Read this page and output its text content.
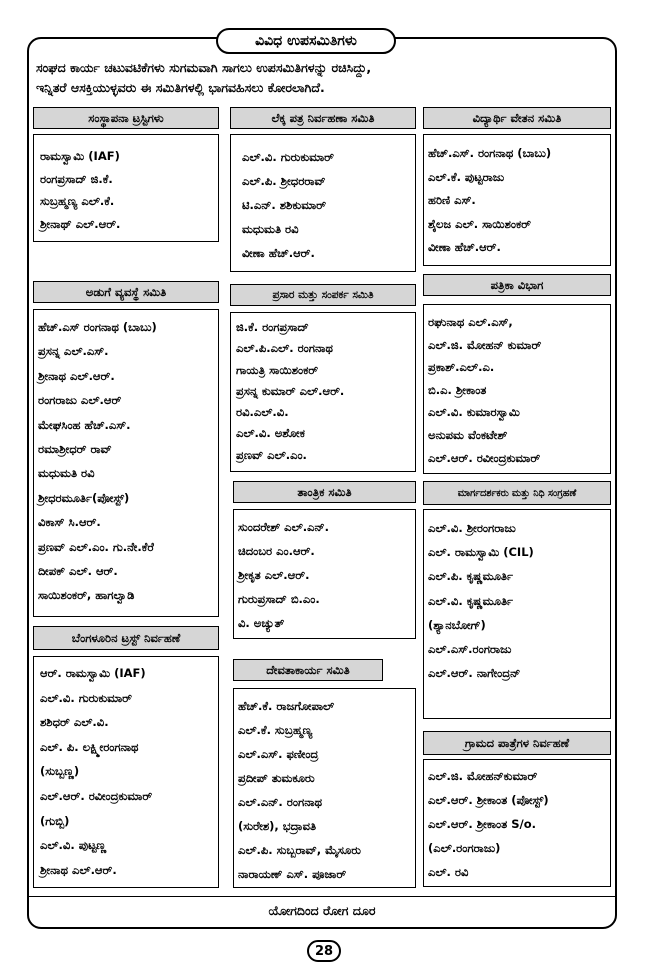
ವಿವಿಧ ಉಪಸಮಿತಿಗಳು
ಸಂಘದ ಕಾರ್ಯ ಚಟುವಟಿಕೆಗಳು ಸುಗಮವಾಗಿ ಸಾಗಲು ಉಪಸಮಿತಿಗಳನ್ನು ರಚಿಸಿದ್ದು,
ಇನ್ನಿತರೆ ಆಸಕ್ತಿಯುಳ್ಳವರು ಈ ಸಮಿತಿಗಳಲ್ಲಿ ಭಾಗವಹಿಸಲು ಕೋರಲಾಗಿದೆ.
ಸಂಸ್ಥಾಪನಾ ಟ್ರಸ್ಟಿಗಳು
ರಾಮಸ್ವಾಮಿ (IAF)
ರಂಗಪ್ರಸಾದ್ ಜಿ.ಕೆ.
ಸುಬ್ರಹ್ಮಣ್ಯ ಎಲ್.ಕೆ.
ಶ್ರೀನಾಥ್ ಎಲ್.ಆರ್.
ಲೆಕ್ಕ ಪತ್ರ ನಿರ್ವಹಣಾ ಸಮಿತಿ
ಎಲ್.ವಿ. ಗುರುಕುಮಾರ್
ಎಲ್.ಪಿ. ಶ್ರೀಧರರಾವ್
ಟಿ.ಎನ್. ಶಶಿಕುಮಾರ್
ಮಧುಮತಿ ರವಿ
ವೀಣಾ ಹೆಚ್.ಆರ್.
ವಿದ್ಯಾರ್ಥಿ ವೇತನ ಸಮಿತಿ
ಹೆಚ್.ಎಸ್. ರಂಗನಾಥ (ಬಾಬು)
ಎಲ್.ಕೆ. ಪುಟ್ಟರಾಜು
ಹರಿಣಿ ಎಸ್.
ಶೈಲಜ ಎಲ್. ಸಾಯಿಶಂಕರ್
ವೀಣಾ ಹೆಚ್.ಆರ್.
ಅಡುಗೆ ವ್ಯವಸ್ಥೆ ಸಮಿತಿ
ಹೆಚ್.ಎಸ್ ರಂಗನಾಥ (ಬಾಬು)
ಪ್ರಸನ್ನ ಎಲ್.ಎಸ್.
ಶ್ರೀನಾಥ ಎಲ್.ಆರ್.
ರಂಗರಾಜು ಎಲ್.ಆರ್
ಮೇಘಸಿಂಹ ಹೆಚ್.ಎಸ್.
ರಮಾಶ್ರೀಧರ್ ರಾವ್
ಮಧುಮತಿ ರವಿ
ಶ್ರೀಧರಮೂರ್ತಿ(ಪೋಸ್ಟ್)
ವಿಕಾಸ್ ಸಿ.ಆರ್.
ಪ್ರಣವ್ ಎಲ್.ಎಂ. ಗು.ನೇ.ಕೆರೆ
ದೀಪಕ್ ಎಲ್. ಆರ್.
ಸಾಯಿಶಂಕರ್, ಹಾಗಲ್ವಾಡಿ
ಪ್ರಸಾರ ಮತ್ತು ಸಂಪರ್ಕ ಸಮಿತಿ
ಜಿ.ಕೆ. ರಂಗಪ್ರಸಾದ್
ಎಲ್.ಪಿ.ಎಲ್. ರಂಗನಾಥ
ಗಾಯತ್ರಿ ಸಾಯಿಶಂಕರ್
ಪ್ರಸನ್ನ ಕುಮಾರ್ ಎಲ್.ಆರ್.
ರವಿ.ಎಲ್.ವಿ.
ಎಲ್.ವಿ. ಅಶೋಕ
ಪ್ರಣವ್ ಎಲ್.ಎಂ.
ಪತ್ರಿಕಾ ವಿಭಾಗ
ರಘುನಾಥ ಎಲ್.ಎಸ್,
ಎಲ್.ಜಿ. ಮೋಹನ್ ಕುಮಾರ್
ಪ್ರಕಾಶ್.ಎಲ್.ಎ.
ಬಿ.ಎ. ಶ್ರೀಕಾಂತ
ಎಲ್.ವಿ. ಕುಮಾರಸ್ವಾಮಿ
ಅನುಪಮ ವೆಂಕಟೇಶ್
ಎಲ್.ಆರ್. ರವೀಂದ್ರಕುಮಾರ್
ತಾಂತ್ರಿಕ ಸಮಿತಿ
ಸುಂದರೇಶ್ ಎಲ್.ಎನ್.
ಚಿದಂಬರ ಎಂ.ಆರ್.
ಶ್ರೀಕೃತ ಎಲ್.ಆರ್.
ಗುರುಪ್ರಸಾದ್ ಬಿ.ಎಂ.
ವಿ. ಅಚ್ಯುತ್
ಮಾರ್ಗದರ್ಶಕರು ಮತ್ತು ನಿಧಿ ಸಂಗ್ರಹಣೆ
ಎಲ್.ವಿ. ಶ್ರೀರಂಗರಾಜು
ಎಲ್. ರಾಮಸ್ವಾಮಿ (CIL)
ಎಲ್.ಪಿ. ಕೃಷ್ಣಮೂರ್ತಿ
ಎಲ್.ವಿ. ಕೃಷ್ಣಮೂರ್ತಿ
(ಶ್ಯಾನಬೋಗ್)
ಎಲ್.ಎಸ್.ರಂಗರಾಜು
ಎಲ್.ಆರ್. ನಾಗೇಂದ್ರನ್
ಬೆಂಗಳೂರಿನ ಟ್ರಸ್ಟ್ ನಿರ್ವಹಣೆ
ಆರ್. ರಾಮಸ್ವಾಮಿ (IAF)
ಎಲ್.ವಿ. ಗುರುಕುಮಾರ್
ಶಶಿಧರ್ ಎಲ್.ವಿ.
ಎಲ್. ಪಿ. ಲಕ್ಷ್ಮೀರಂಗನಾಥ
(ಸುಬ್ಬಣ್ಣ)
ಎಲ್.ಆರ್. ರವೀಂದ್ರಕುಮಾರ್
(ಗುಬ್ಬಿ)
ಎಲ್.ವಿ. ಪುಟ್ಟಣ್ಣ
ಶ್ರೀನಾಥ ಎಲ್.ಆರ್.
ದೇವತಾಕಾರ್ಯ ಸಮಿತಿ
ಹೆಚ್.ಕೆ. ರಾಜಗೋಪಾಲ್
ಎಲ್.ಕೆ. ಸುಬ್ರಹ್ಮಣ್ಯ
ಎಲ್.ಎಸ್. ಫಣೀಂದ್ರ
ಪ್ರದೀಪ್ ತುಮಕೂರು
ಎಲ್.ಎನ್. ರಂಗನಾಥ
(ಸುರೇಶ), ಭದ್ರಾವತಿ
ಎಲ್.ಪಿ. ಸುಬ್ಬರಾವ್, ಮೈಸೂರು
ನಾರಾಯಣ್ ಎಸ್. ಪೂಜಾರ್
ಗ್ರಾಮದ ಪಾತ್ರೆಗಳ ನಿರ್ವಹಣೆ
ಎಲ್.ಜಿ. ಮೋಹನ್‌ಕುಮಾರ್
ಎಲ್.ಆರ್. ಶ್ರೀಕಾಂತ (ಪೋಸ್ಟ್)
ಎಲ್.ಆರ್. ಶ್ರೀಕಾಂತ S/o.
(ಎಲ್.ರಂಗರಾಜು)
ಎಲ್. ರವಿ
ಯೋಗದಿಂದ ರೋಗ ದೂರ
28
